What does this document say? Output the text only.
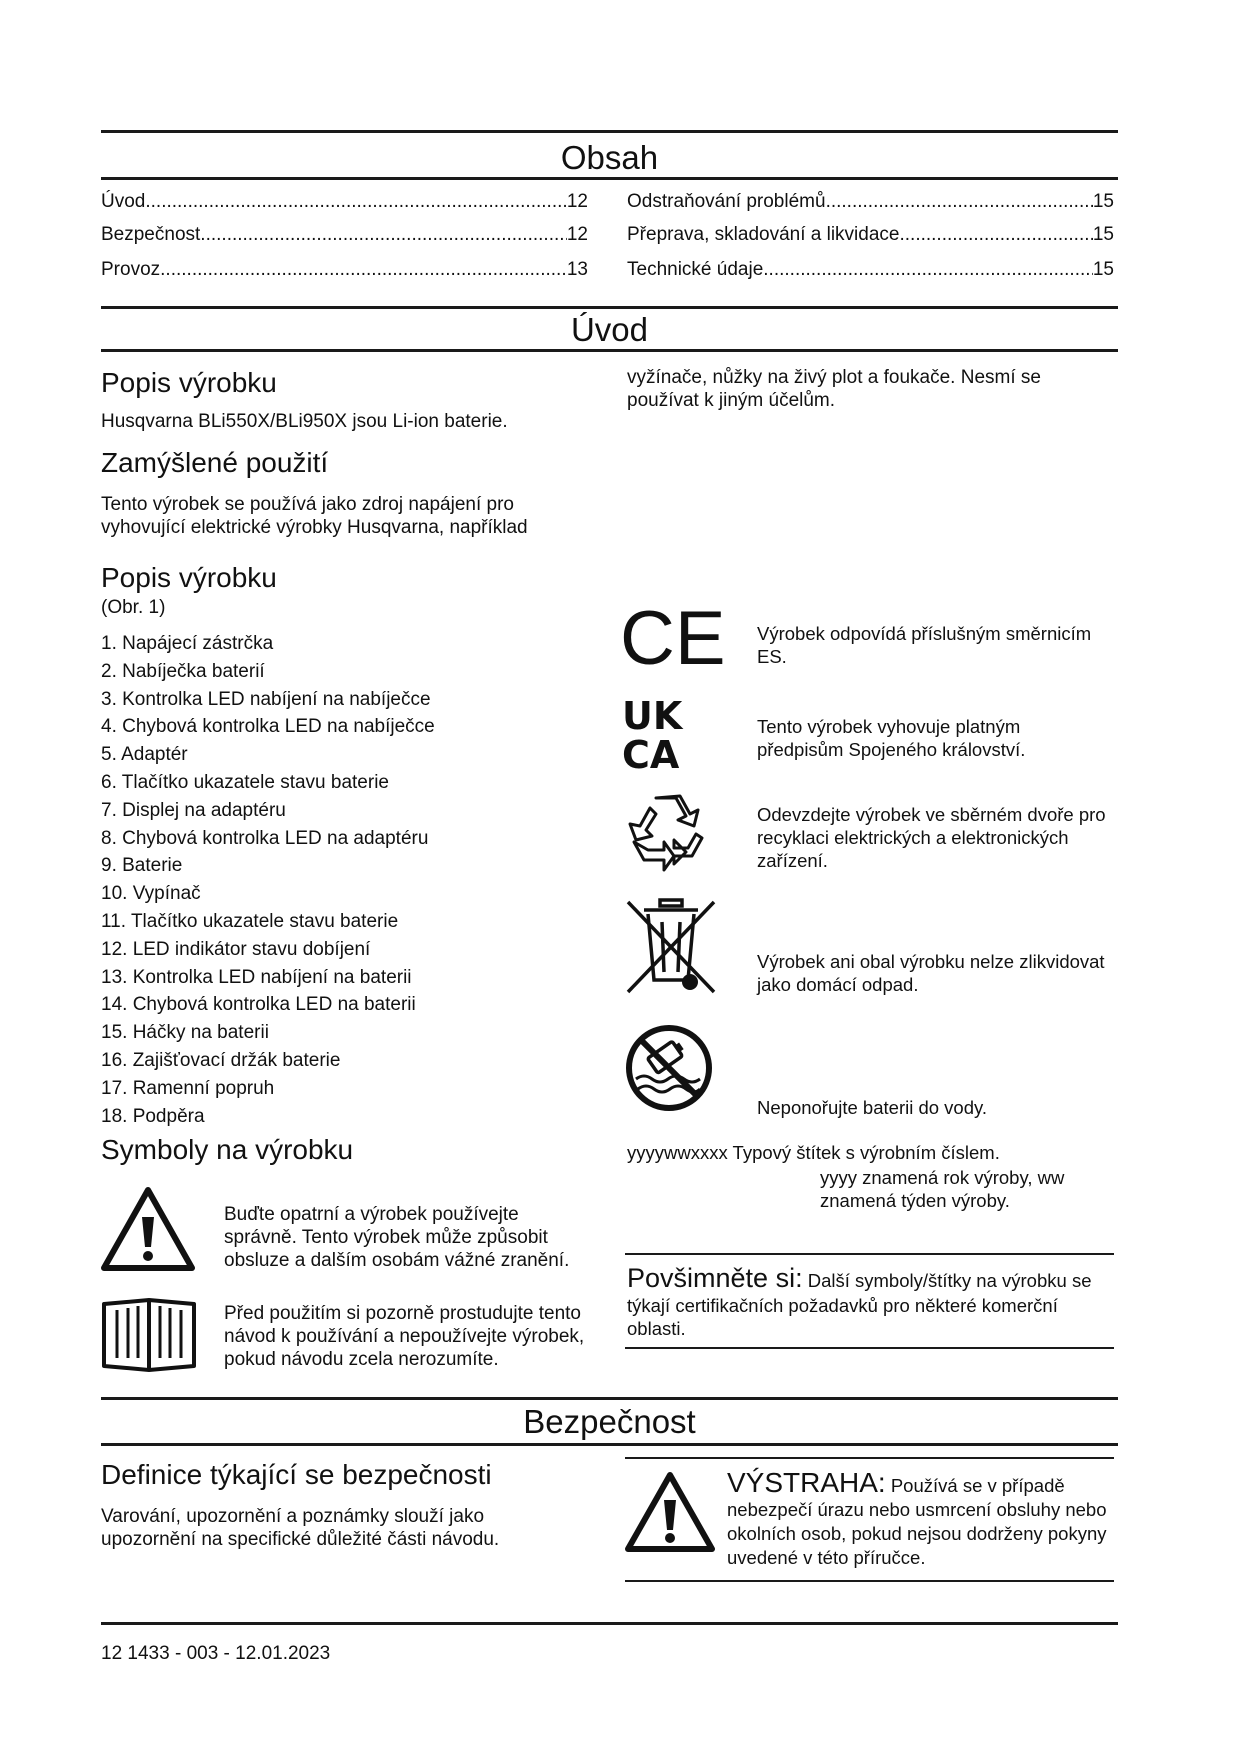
Obsah
Úvod .....	12
Bezpečnost .....	12
Provoz .....	13
Odstraňování problémů .....	15
Přeprava, skladování a likvidace .....	15
Technické údaje .....	15
Úvod
Popis výrobku
Husqvarna BLi550X/BLi950X jsou Li-ion baterie.
Zamýšlené použití
Tento výrobek se používá jako zdroj napájení pro vyhovující elektrické výrobky Husqvarna, například
vyžínače, nůžky na živý plot a foukače. Nesmí se používat k jiným účelům.
Popis výrobku
(Obr. 1)
1. Napájecí zástrčka
2. Nabíječka baterií
3. Kontrolka LED nabíjení na nabíječce
4. Chybová kontrolka LED na nabíječce
5. Adaptér
6. Tlačítko ukazatele stavu baterie
7. Displej na adaptéru
8. Chybová kontrolka LED na adaptéru
9. Baterie
10. Vypínač
11. Tlačítko ukazatele stavu baterie
12. LED indikátor stavu dobíjení
13. Kontrolka LED nabíjení na baterii
14. Chybová kontrolka LED na baterii
15. Háčky na baterii
16. Zajišťovací držák baterie
17. Ramenní popruh
18. Podpěra
Symboly na výrobku
Buďte opatrní a výrobek používejte správně. Tento výrobek může způsobit obsluze a dalším osobám vážné zranění.
Před použitím si pozorně prostudujte tento návod k používání a nepoužívejte výrobek, pokud návodu zcela nerozumíte.
CE Výrobek odpovídá příslušným směrnicím ES.
UK
CA
Tento výrobek vyhovuje platným předpisům Spojeného království.
Odevzdejte výrobek ve sběrném dvoře pro recyklaci elektrických a elektronických zařízení.
Výrobek ani obal výrobku nelze zlikvidovat jako domácí odpad.
Neponořujte baterii do vody.
yyyywwxxxx Typový štítek s výrobním číslem.
yyyy znamená rok výroby, ww znamená týden výroby.
Povšimněte si: Další symboly/štítky na výrobku se týkají certifikačních požadavků pro některé komerční oblasti.
Bezpečnost
Definice týkající se bezpečnosti
Varování, upozornění a poznámky slouží jako upozornění na specifické důležité části návodu.
VÝSTRAHA: Používá se v případě nebezpečí úrazu nebo usmrcení obsluhy nebo okolních osob, pokud nejsou dodrženy pokyny uvedené v této příručce.
12 1433 - 003 - 12.01.2023
